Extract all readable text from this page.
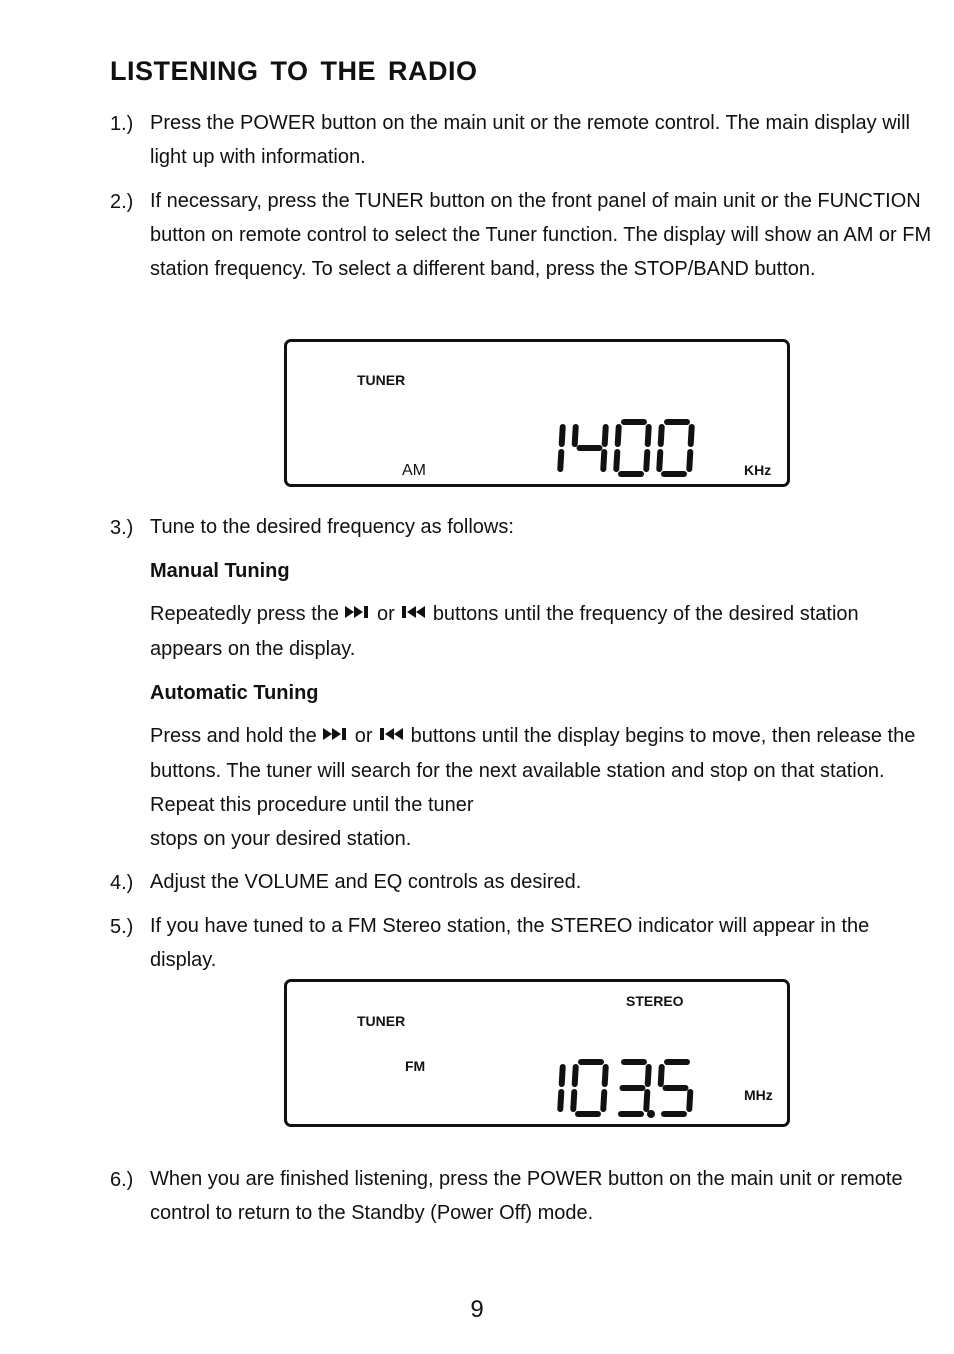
LISTENING TO THE RADIO
1.) Press the POWER button on the main unit or the remote control. The main display will light up with information.
2.) If necessary, press the TUNER button on the front panel of main unit or the FUNCTION button on remote control to select the Tuner function. The display will show an AM or FM station frequency. To select a different band, press the STOP/BAND button.
TUNER
AM	KHz
3.) Tune to the desired frequency as follows:
Manual Tuning
Repeatedly press the or buttons until the frequency of the desired station appears on the display.
Automatic Tuning
Press and hold the or buttons until the display begins to move, then release the buttons. The tuner will search for the next available station and stop on that station. Repeat this procedure until the tuner
stops on your desired station.
4.) Adjust the VOLUME and EQ controls as desired.
5.) If you have tuned to a FM Stereo station, the STEREO indicator will appear in the display.
STEREO
TUNER
FM
MHz
6.) When you are finished listening, press the POWER button on the main unit or remote control to return to the Standby (Power Off) mode.
9
